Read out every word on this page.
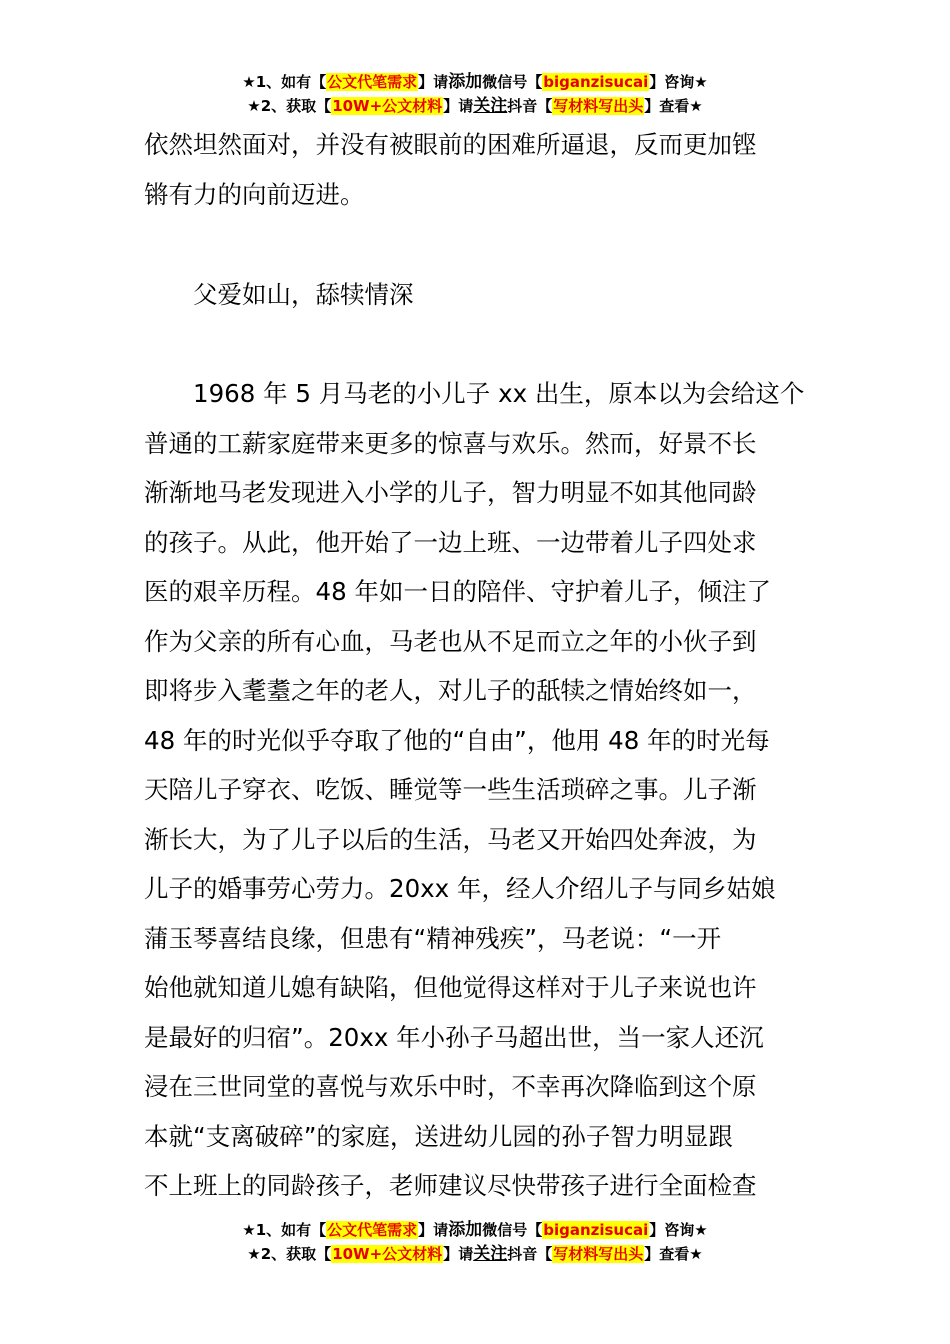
★1、如有【公文代笔需求】请添加微信号【biganzisucai】咨询★
★2、获取【10W+公文材料】请关注抖音【写材料写出头】查看★
依然坦然面对，并没有被眼前的困难所逼退，反而更加铿
锵有力的向前迈进。
　　父爱如山，舔犊情深
　　1968 年 5 月马老的小儿子 xx 出生，原本以为会给这个
普通的工薪家庭带来更多的惊喜与欢乐。然而，好景不长
渐渐地马老发现进入小学的儿子，智力明显不如其他同龄
的孩子。从此，他开始了一边上班、一边带着儿子四处求
医的艰辛历程。48 年如一日的陪伴、守护着儿子，倾注了
作为父亲的所有心血，马老也从不足而立之年的小伙子到
即将步入耄耋之年的老人，对儿子的舐犊之情始终如一，
48 年的时光似乎夺取了他的“自由”，他用 48 年的时光每
天陪儿子穿衣、吃饭、睡觉等一些生活琐碎之事。儿子渐
渐长大，为了儿子以后的生活，马老又开始四处奔波，为
儿子的婚事劳心劳力。20xx 年，经人介绍儿子与同乡姑娘
蒲玉琴喜结良缘，但患有“精神残疾”，马老说：“一开
始他就知道儿媳有缺陷，但他觉得这样对于儿子来说也许
是最好的归宿”。20xx 年小孙子马超出世，当一家人还沉
浸在三世同堂的喜悦与欢乐中时，不幸再次降临到这个原
本就“支离破碎”的家庭，送进幼儿园的孙子智力明显跟
不上班上的同龄孩子，老师建议尽快带孩子进行全面检查
★1、如有【公文代笔需求】请添加微信号【biganzisucai】咨询★
★2、获取【10W+公文材料】请关注抖音【写材料写出头】查看★
